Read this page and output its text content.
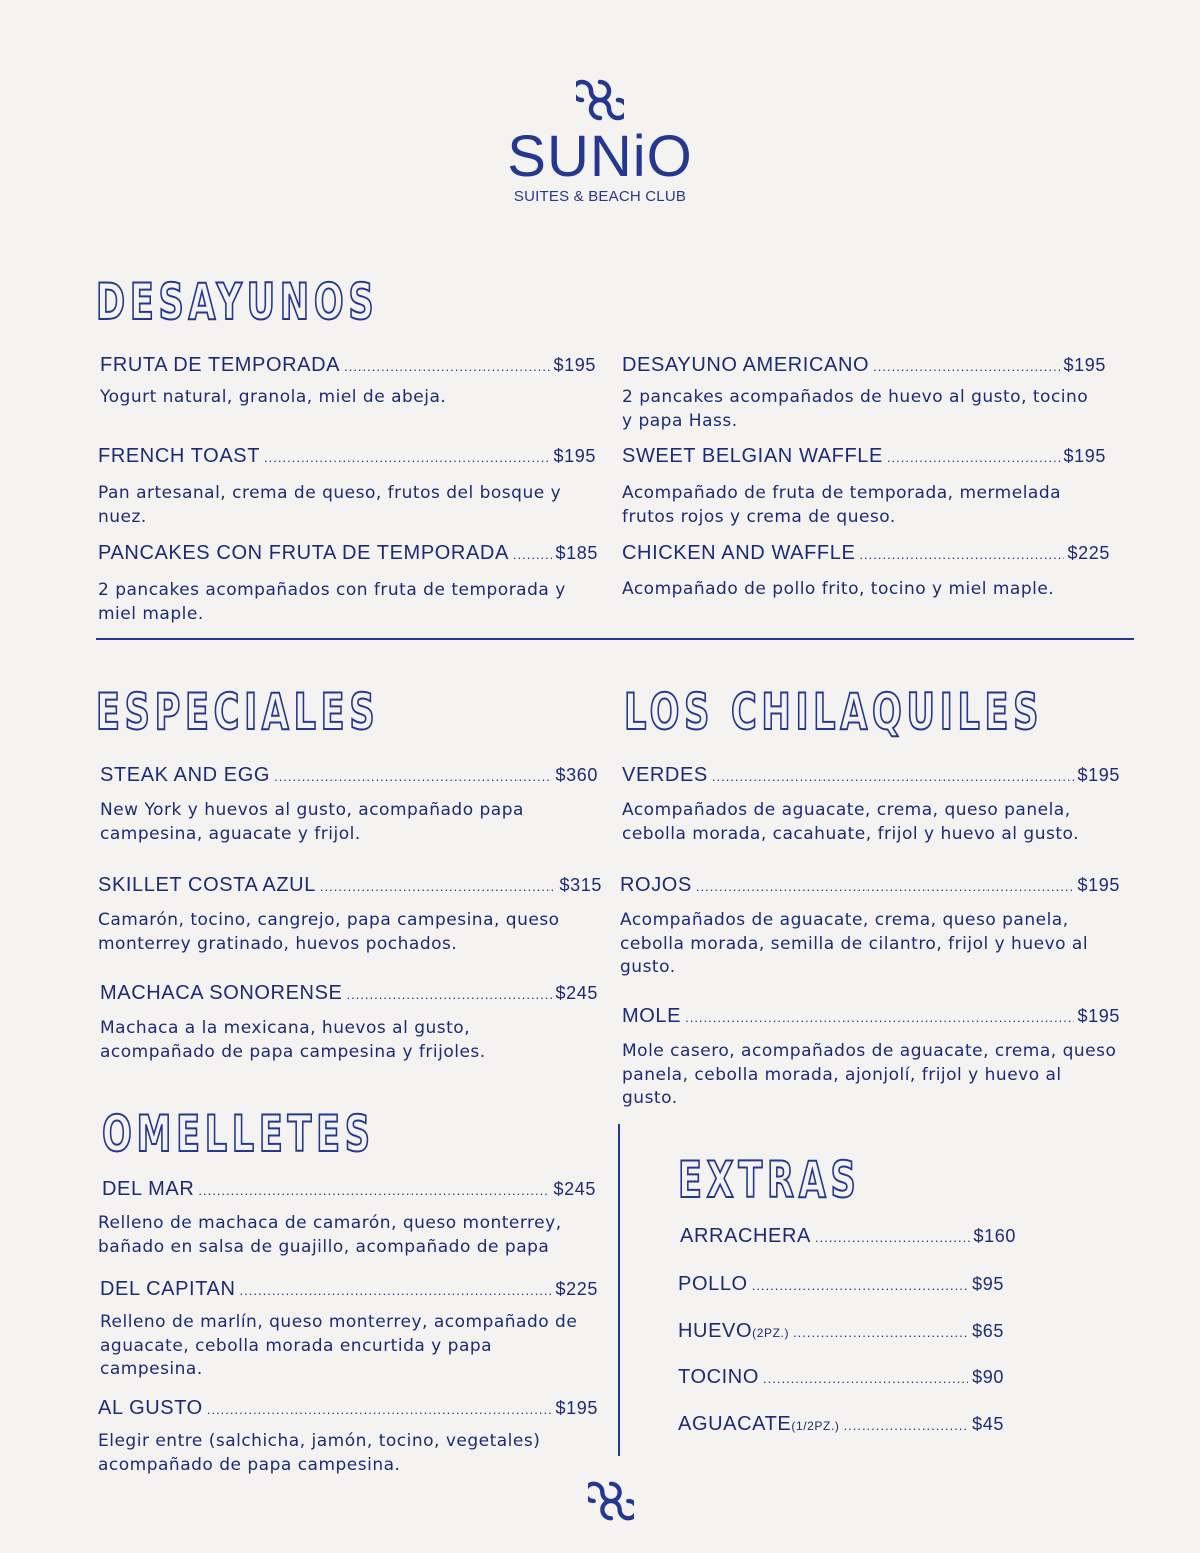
SUNiO
SUITES & BEACH CLUB
DESAYUNOS
FRUTA DE TEMPORADA .....	$195
Yogurt natural, granola, miel de abeja.
DESAYUNO AMERICANO .....	$195
2 pancakes acompañados de huevo al gusto, tocino y papa Hass.
FRENCH TOAST .....	$195
Pan artesanal, crema de queso, frutos del bosque y nuez.
SWEET BELGIAN WAFFLE .....	$195
Acompañado de fruta de temporada, mermelada frutos rojos y crema de queso.
PANCAKES CON FRUTA DE TEMPORADA .....	$185
2 pancakes acompañados con fruta de temporada y miel maple.
CHICKEN AND WAFFLE .....	$225
Acompañado de pollo frito, tocino y miel maple.
ESPECIALES
STEAK AND EGG .....	$360
New York y huevos al gusto, acompañado papa campesina, aguacate y frijol.
SKILLET COSTA AZUL .....	$315
Camarón, tocino, cangrejo, papa campesina, queso monterrey gratinado, huevos pochados.
MACHACA SONORENSE .....	$245
Machaca a la mexicana, huevos al gusto, acompañado de papa campesina y frijoles.
LOS CHILAQUILES
VERDES .....	$195
Acompañados de aguacate, crema, queso panela, cebolla morada, cacahuate, frijol y huevo al gusto.
ROJOS .....	$195
Acompañados de aguacate, crema, queso panela, cebolla morada, semilla de cilantro, frijol y huevo al gusto.
MOLE .....	$195
Mole casero, acompañados de aguacate, crema, queso panela, cebolla morada, ajonjolí, frijol y huevo al gusto.
OMELLETES
DEL MAR .....	$245
Relleno de machaca de camarón, queso monterrey, bañado en salsa de guajillo, acompañado de papa
DEL CAPITAN .....	$225
Relleno de marlín, queso monterrey, acompañado de aguacate, cebolla morada encurtida y papa campesina.
AL GUSTO .....	$195
Elegir entre (salchicha, jamón, tocino, vegetales) acompañado de papa campesina.
EXTRAS
ARRACHERA .....	$160
POLLO .....	$95
HUEVO (2PZ.) .....	$65
TOCINO .....	$90
AGUACATE (1/2PZ.) .....	$45
